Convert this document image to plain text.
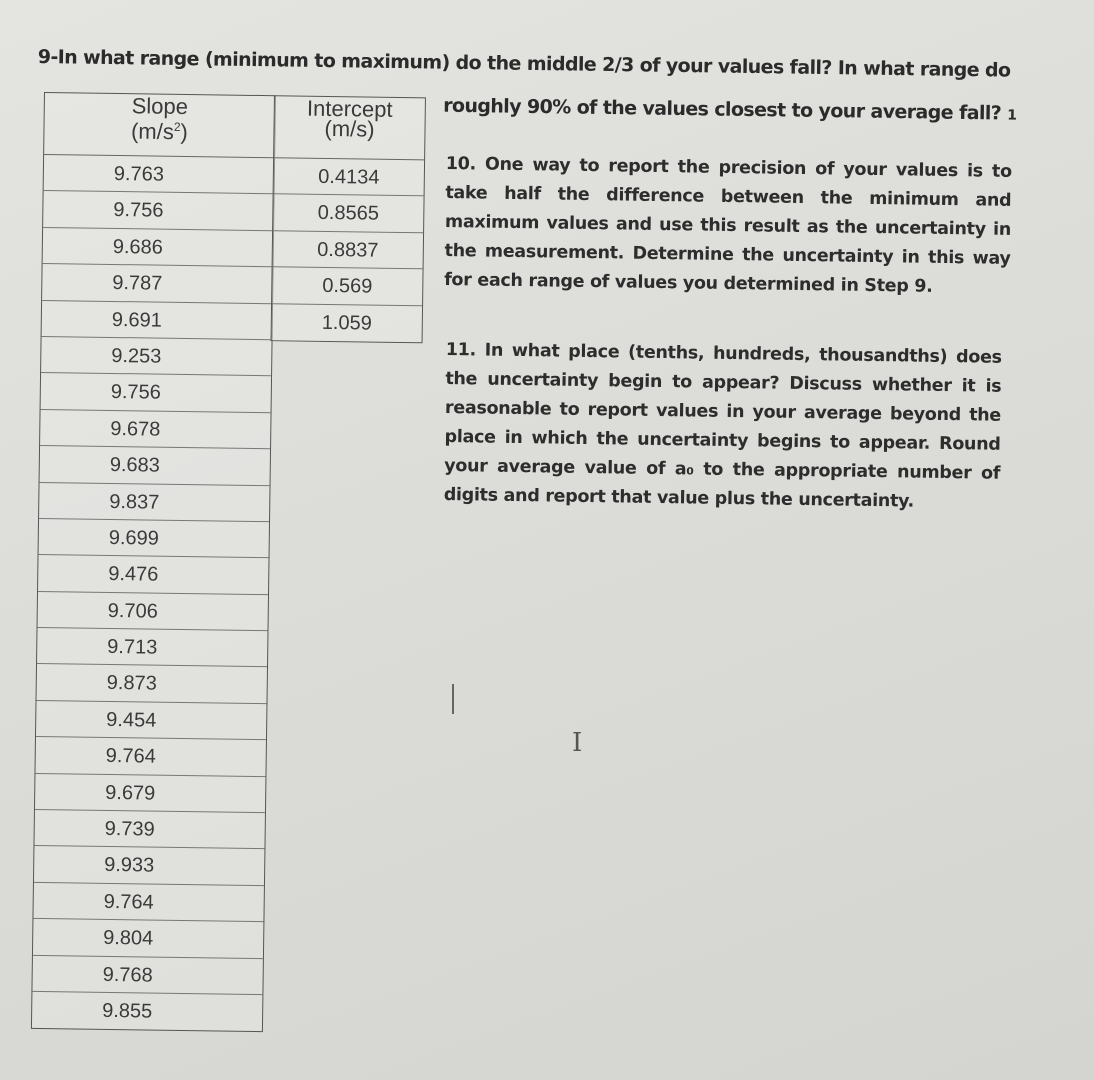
9-In what range (minimum to maximum) do the middle 2/3 of your values fall? In what range do
roughly 90% of the values closest to your average fall? 1
Slope
$(m/s^2)$
9.763
9.756
9.686
9.787
9.691
9.253
9.756
9.678
9.683
9.837
9.699
9.476
9.706
9.713
9.873
9.454
9.764
9.679
9.739
9.933
9.764
9.804
9.768
9.855
Intercept
(m/s)
0.4134
0.8565
0.8837
0.569
1.059
10. One way to report the precision of your values is to take half the difference between the minimum and maximum values and use this result as the uncertainty in the measurement. Determine the uncertainty in this way for each range of values you determined in Step 9.
11. In what place (tenths, hundreds, thousandths) does the uncertainty begin to appear? Discuss whether it is reasonable to report values in your average beyond the place in which the uncertainty begins to appear. Round your average value of a₀ to the appropriate number of digits and report that value plus the uncertainty.
I
